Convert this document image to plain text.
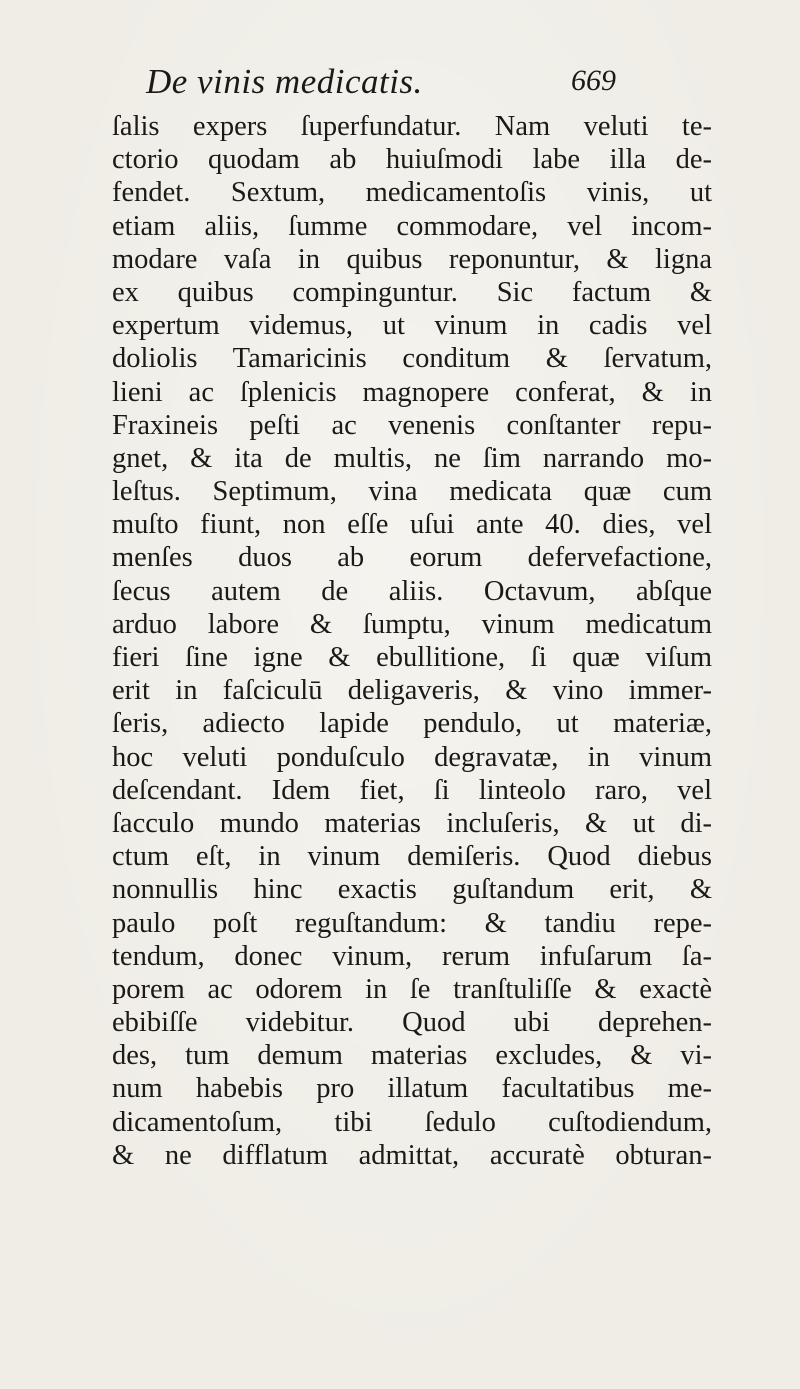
De vinis medicatis.	669
ſalis expers ſuperfundatur. Nam veluti te-
ctorio quodam ab huiuſmodi labe illa de-
fendet. Sextum, medicamentoſis vinis, ut
etiam aliis, ſumme commodare, vel incom-
modare vaſa in quibus reponuntur, & ligna
ex quibus compinguntur. Sic factum &
expertum videmus, ut vinum in cadis vel
doliolis Tamaricinis conditum & ſervatum,
lieni ac ſplenicis magnopere conferat, & in
Fraxineis peſti ac venenis conſtanter repu-
gnet, & ita de multis, ne ſim narrando mo-
leſtus. Septimum, vina medicata quæ cum
muſto fiunt, non eſſe uſui ante 40. dies, vel
menſes duos ab eorum defervefactione,
ſecus autem de aliis. Octavum, abſque
arduo labore & ſumptu, vinum medicatum
fieri ſine igne & ebullitione, ſi quæ viſum
erit in faſciculū deligaveris, & vino immer-
ſeris, adiecto lapide pendulo, ut materiæ,
hoc veluti ponduſculo degravatæ, in vinum
deſcendant. Idem fiet, ſi linteolo raro, vel
ſacculo mundo materias incluſeris, & ut di-
ctum eſt, in vinum demiſeris. Quod diebus
nonnullis hinc exactis guſtandum erit, &
paulo poſt reguſtandum: & tandiu repe-
tendum, donec vinum, rerum infuſarum ſa-
porem ac odorem in ſe tranſtuliſſe & exactè
ebibiſſe videbitur. Quod ubi deprehen-
des, tum demum materias excludes, & vi-
num habebis pro illatum facultatibus me-
dicamentoſum, tibi ſedulo cuſtodiendum,
& ne difflatum admittat, accuratè obturan-
